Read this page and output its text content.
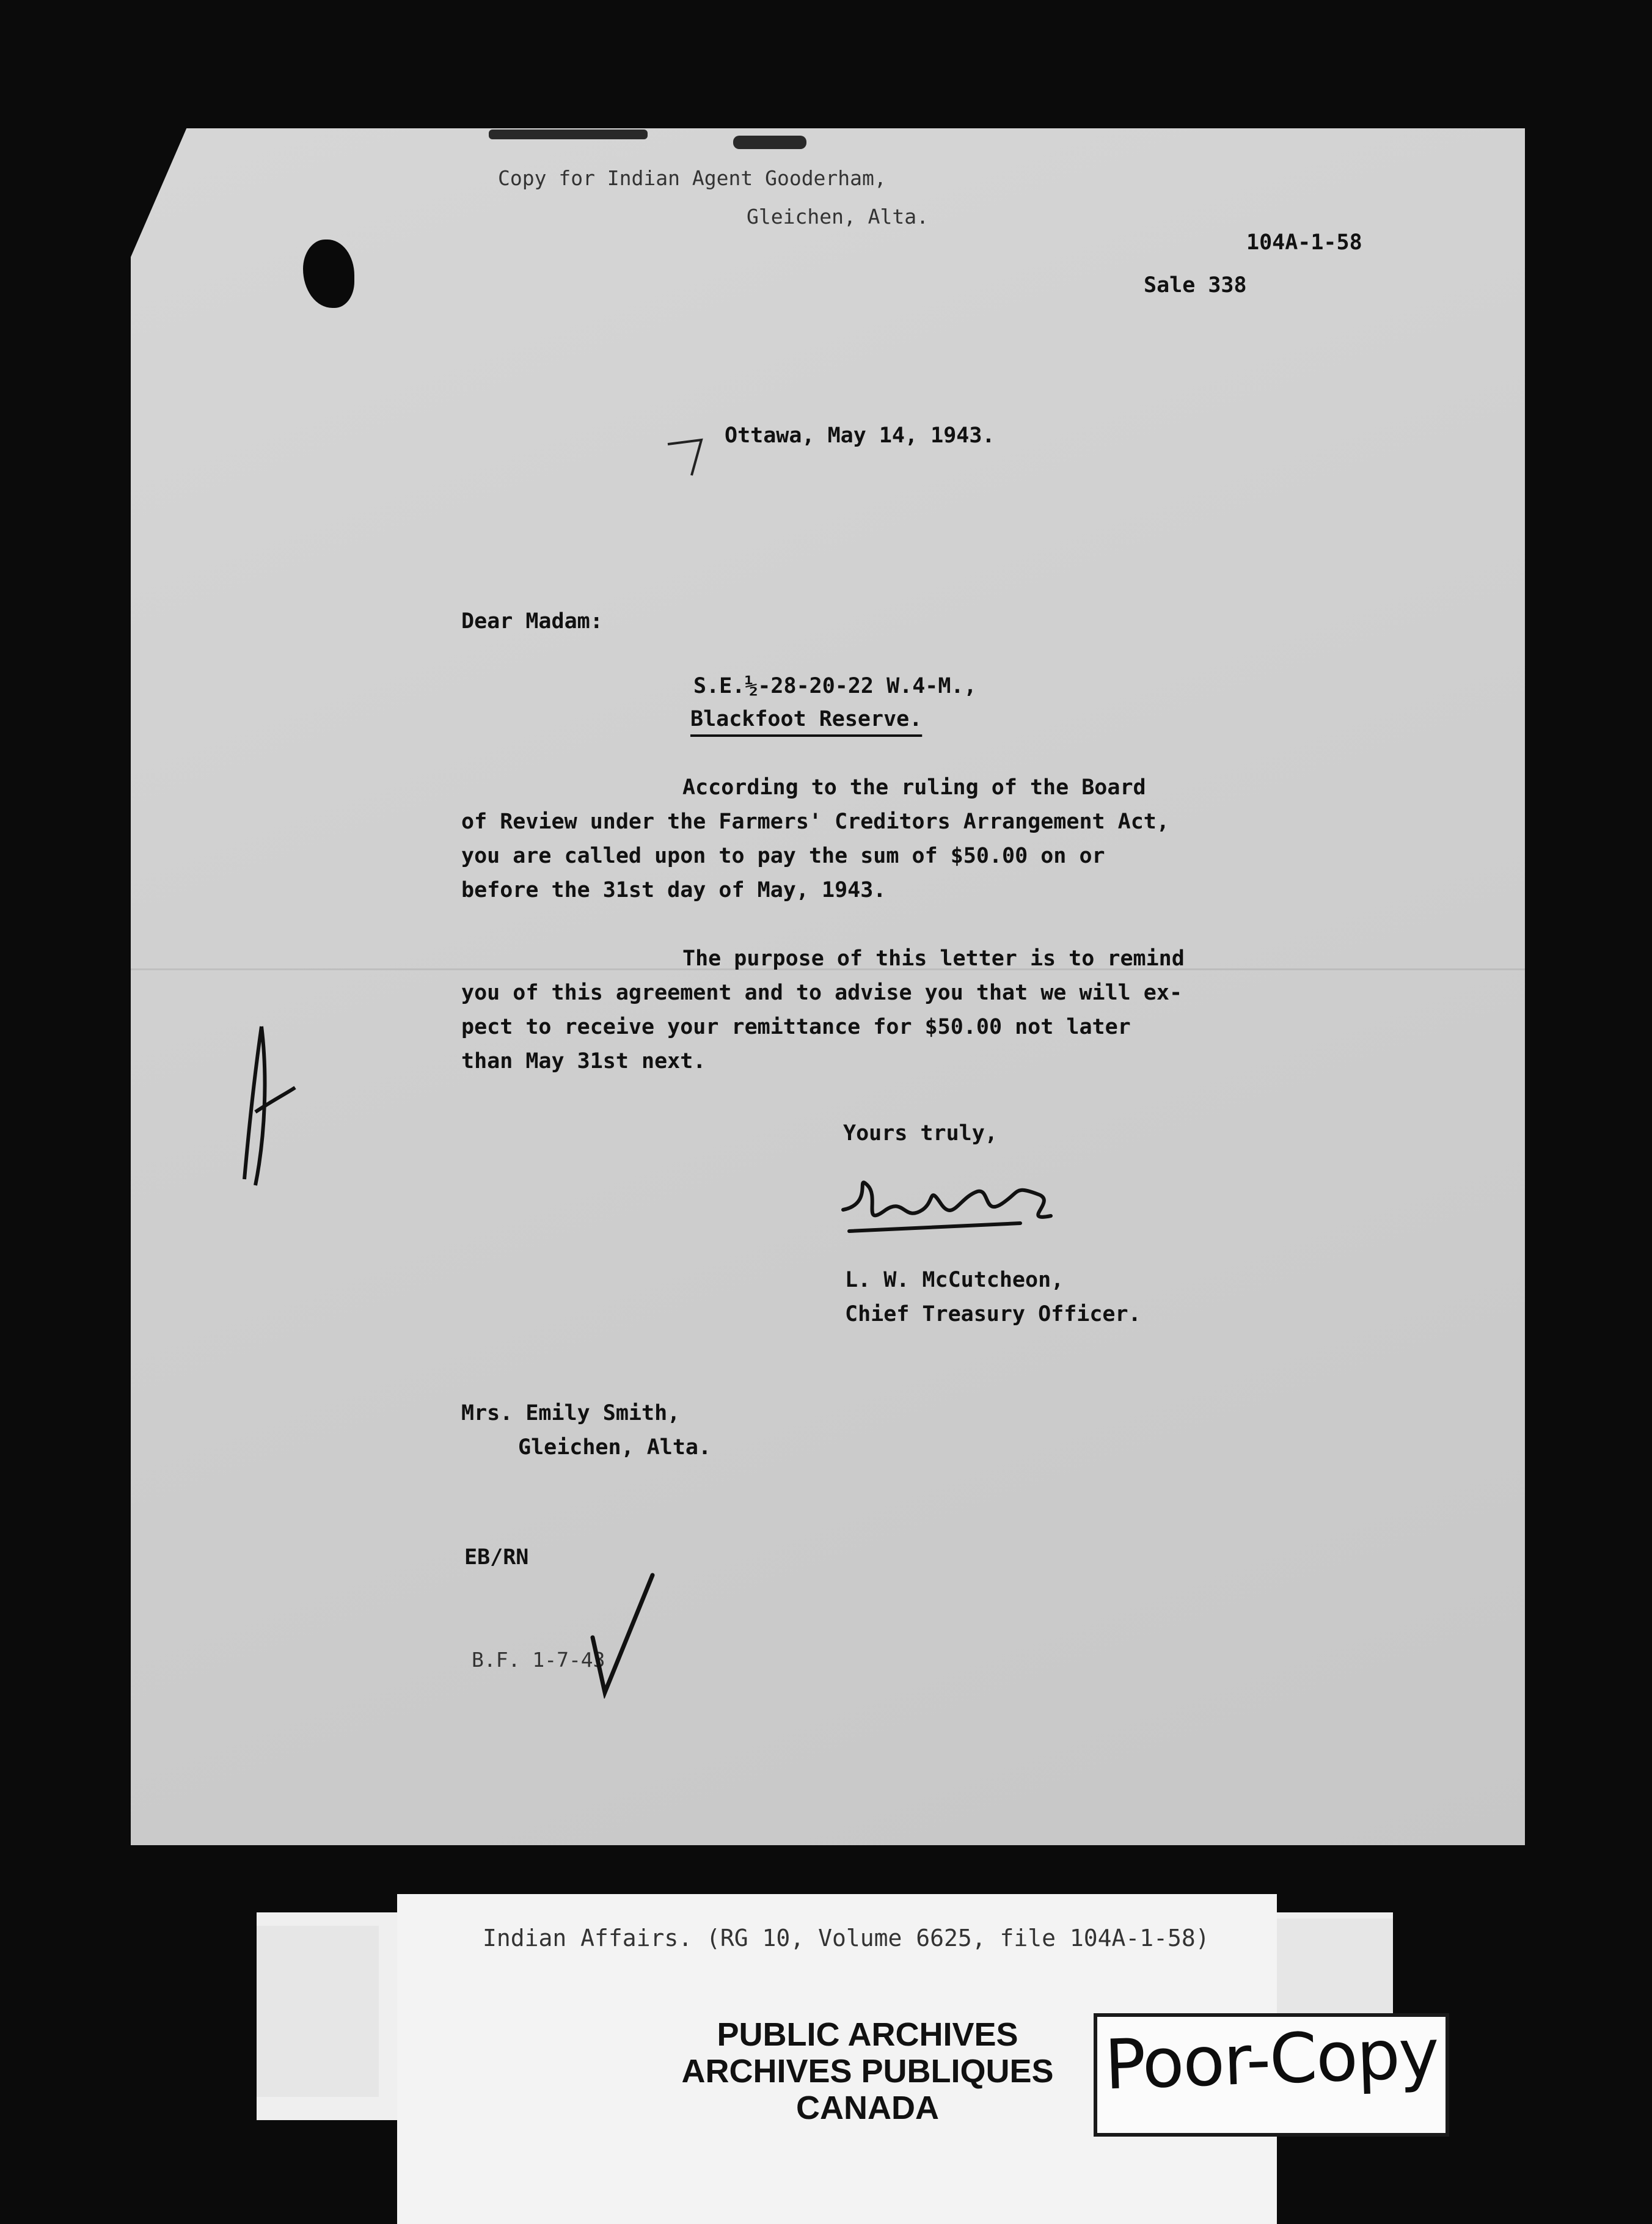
Copy for Indian Agent Gooderham,
Gleichen, Alta.
104A-1-58
Sale 338
Ottawa, May 14, 1943.
Dear Madam:
S.E.½-28-20-22 W.4-M.,
Blackfoot Reserve.
According to the ruling of the Board
of Review under the Farmers' Creditors Arrangement Act,
you are called upon to pay the sum of $50.00 on or
before the 31st day of May, 1943.
The purpose of this letter is to remind
you of this agreement and to advise you that we will ex-
pect to receive your remittance for $50.00 not later
than May 31st next.
Yours truly,
L. W. McCutcheon,
Chief Treasury Officer.
Mrs. Emily Smith,
Gleichen, Alta.
EB/RN
B.F. 1-7-43
Indian Affairs. (RG 10, Volume 6625, file 104A-1-58)
PUBLIC ARCHIVES
ARCHIVES PUBLIQUES
CANADA
Poor-Copy
